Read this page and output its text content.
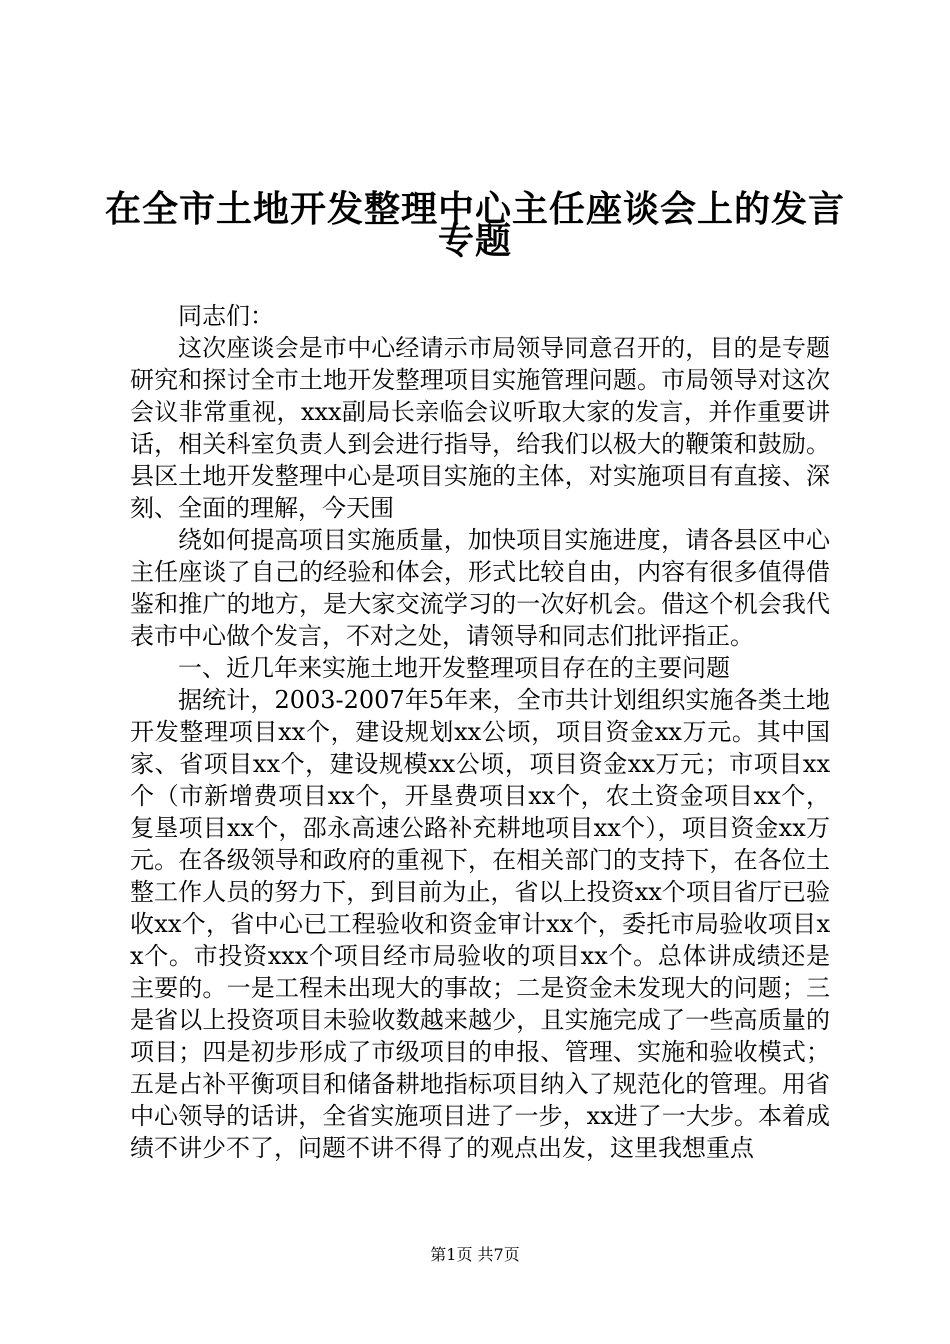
在全市土地开发整理中心主任座谈会上的发言
专题

同志们：

这次座谈会是市中心经请示市局领导同意召开的，目的是专题研究和探讨全市土地开发整理项目实施管理问题。市局领导对这次会议非常重视，xxx副局长亲临会议听取大家的发言，并作重要讲话，相关科室负责人到会进行指导，给我们以极大的鞭策和鼓励。县区土地开发整理中心是项目实施的主体，对实施项目有直接、深刻、全面的理解，今天围

绕如何提高项目实施质量，加快项目实施进度，请各县区中心主任座谈了自己的经验和体会，形式比较自由，内容有很多值得借鉴和推广的地方，是大家交流学习的一次好机会。借这个机会我代表市中心做个发言，不对之处，请领导和同志们批评指正。

一、近几年来实施土地开发整理项目存在的主要问题

据统计，2003-2007年5年来，全市共计划组织实施各类土地开发整理项目xx个，建设规划xx公顷，项目资金xx万元。其中国家、省项目xx个，建设规模xx公顷，项目资金xx万元；市项目xx个（市新增费项目xx个，开垦费项目xx个，农土资金项目xx个，复垦项目xx个，邵永高速公路补充耕地项目xx个），项目资金xx万元。在各级领导和政府的重视下，在相关部门的支持下，在各位土整工作人员的努力下，到目前为止，省以上投资xx个项目省厅已验收xx个，省中心已工程验收和资金审计xx个，委托市局验收项目xx个。市投资xxx个项目经市局验收的项目xx个。总体讲成绩还是主要的。一是工程未出现大的事故；二是资金未发现大的问题；三是省以上投资项目未验收数越来越少，且实施完成了一些高质量的项目；四是初步形成了市级项目的申报、管理、实施和验收模式；五是占补平衡项目和储备耕地指标项目纳入了规范化的管理。用省中心领导的话讲，全省实施项目进了一步，xx进了一大步。本着成绩不讲少不了，问题不讲不得了的观点出发，这里我想重点

第1页 共7页
